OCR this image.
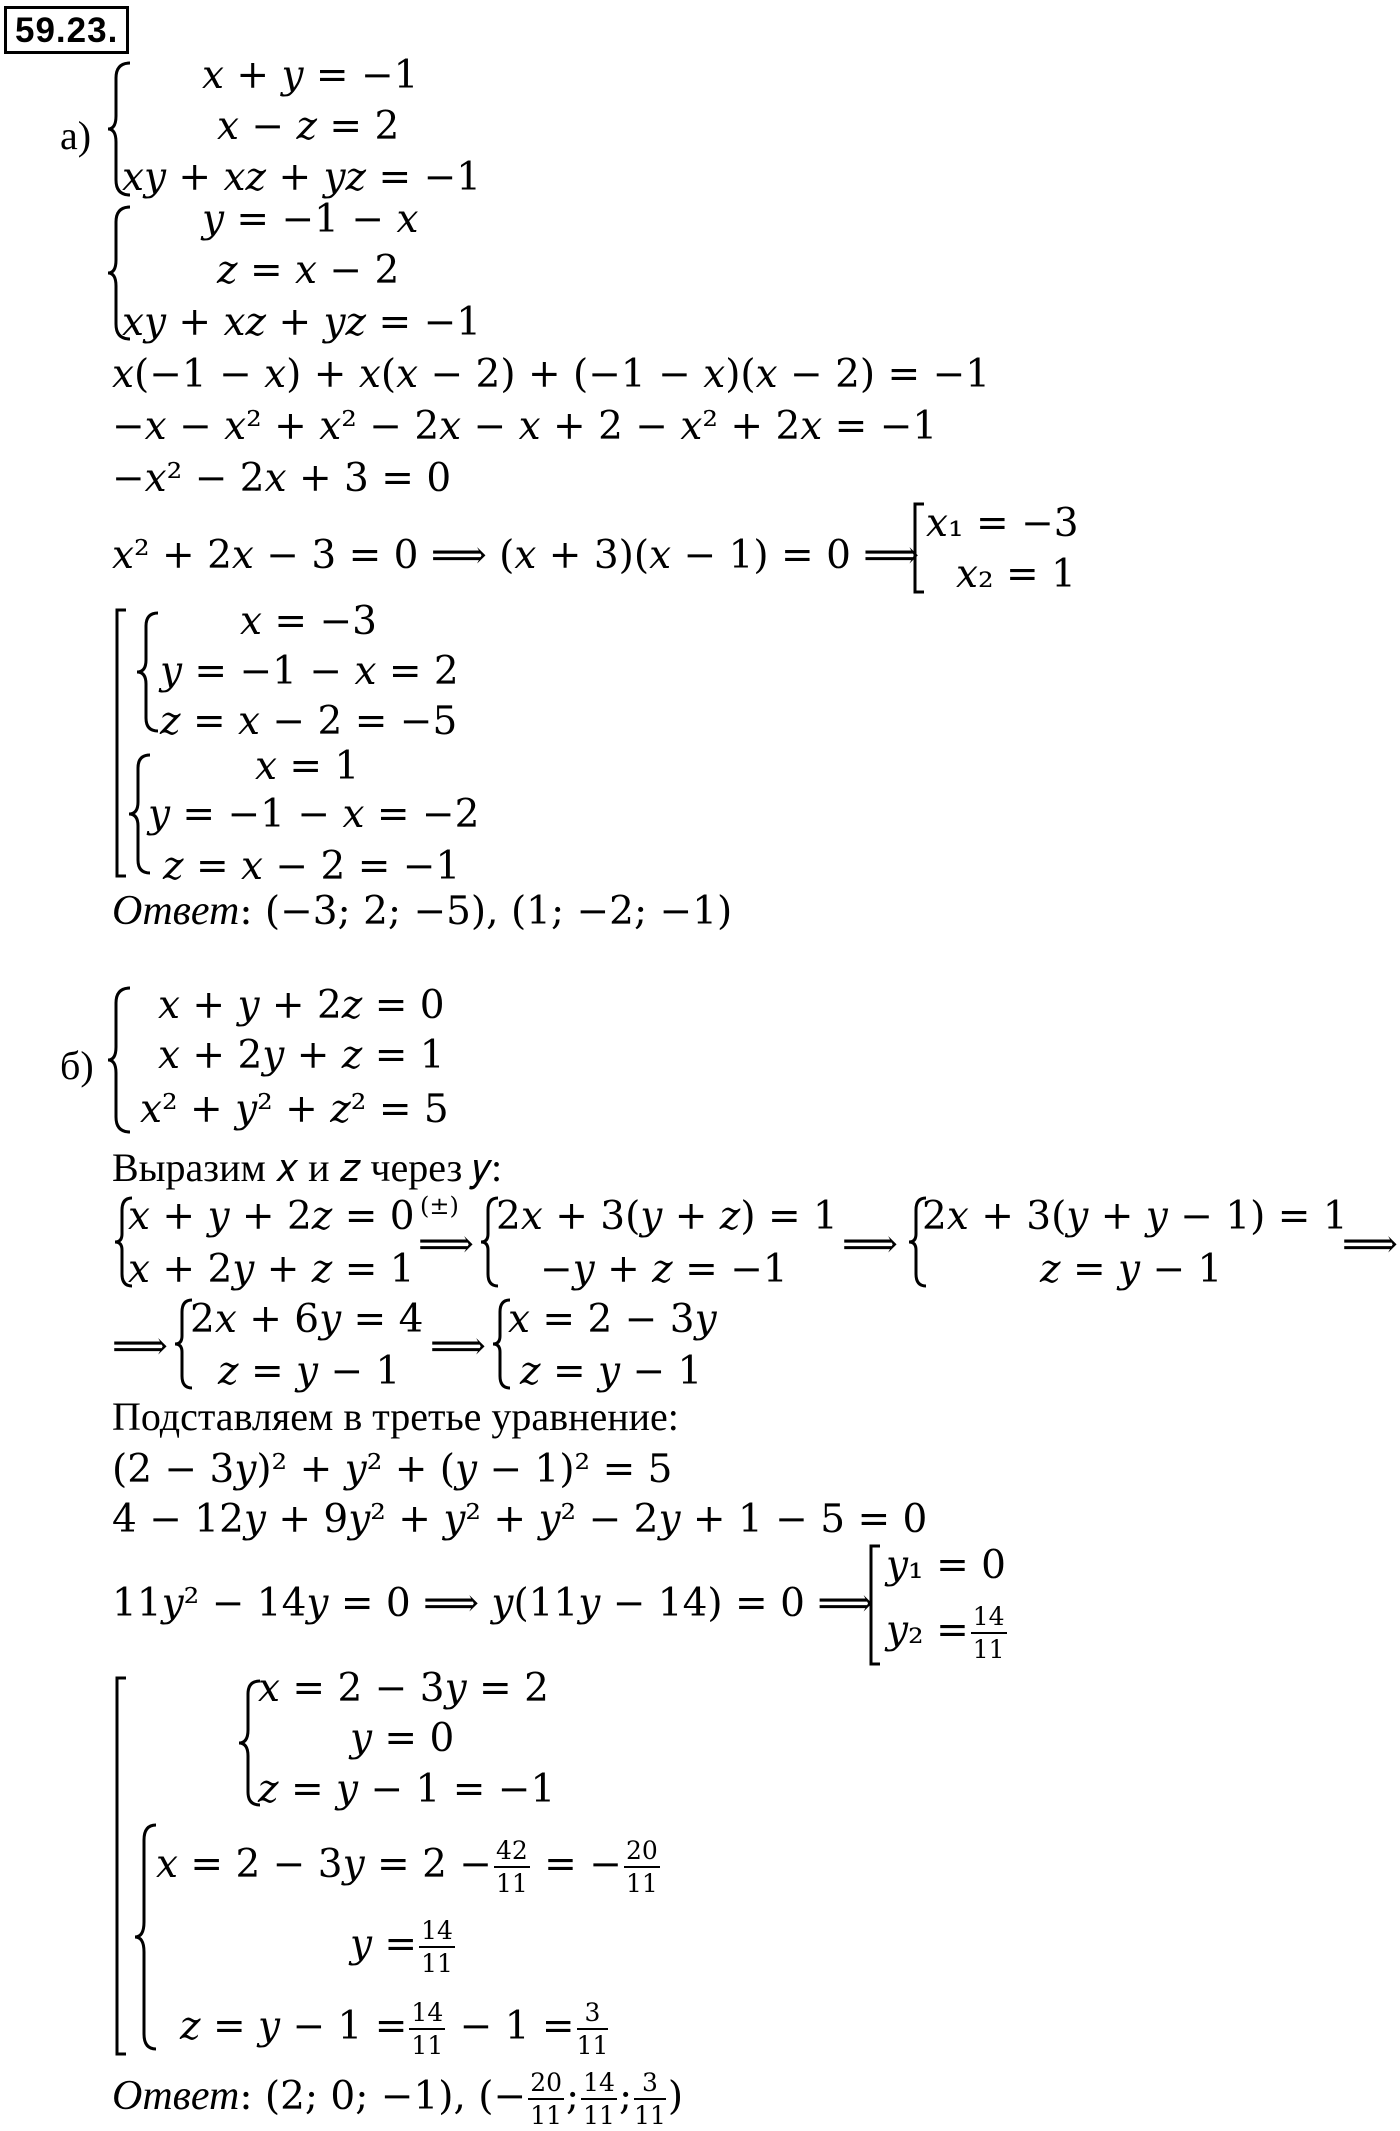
59.23.
а)
𝑥 + 𝑦 = −1
𝑥 − 𝑧 = 2
𝑥𝑦 + 𝑥𝑧 + 𝑦𝑧 = −1
𝑦 = −1 − 𝑥
𝑧 = 𝑥 − 2
𝑥𝑦 + 𝑥𝑧 + 𝑦𝑧 = −1
𝑥(−1 − 𝑥) + 𝑥(𝑥 − 2) + (−1 − 𝑥)(𝑥 − 2) = −1
−𝑥 − 𝑥² + 𝑥² − 2𝑥 − 𝑥 + 2 − 𝑥² + 2𝑥 = −1
−𝑥² − 2𝑥 + 3 = 0
𝑥² + 2𝑥 − 3 = 0 ⟹ (𝑥 + 3)(𝑥 − 1) = 0 ⟹
𝑥₁ = −3
𝑥₂ = 1
𝑥 = −3
𝑦 = −1 − 𝑥 = 2
𝑧 = 𝑥 − 2 = −5
𝑥 = 1
𝑦 = −1 − 𝑥 = −2
𝑧 = 𝑥 − 2 = −1
Ответ: (−3; 2; −5), (1; −2; −1)
б)
𝑥 + 𝑦 + 2𝑧 = 0
𝑥 + 2𝑦 + 𝑧 = 1
𝑥² + 𝑦² + 𝑧² = 5
Выразим 𝑥 и 𝑧 через 𝑦:
𝑥 + 𝑦 + 2𝑧 = 0
𝑥 + 2𝑦 + 𝑧 = 1
(±)
⟹
2𝑥 + 3(𝑦 + 𝑧) = 1
−𝑦 + 𝑧 = −1
⟹
2𝑥 + 3(𝑦 + 𝑦 − 1) = 1
𝑧 = 𝑦 − 1
⟹
⟹
2𝑥 + 6𝑦 = 4
𝑧 = 𝑦 − 1
⟹
𝑥 = 2 − 3𝑦
𝑧 = 𝑦 − 1
Подставляем в третье уравнение:
(2 − 3𝑦)² + 𝑦² + (𝑦 − 1)² = 5
4 − 12𝑦 + 9𝑦² + 𝑦² + 𝑦² − 2𝑦 + 1 − 5 = 0
11𝑦² − 14𝑦 = 0 ⟹ 𝑦(11𝑦 − 14) = 0 ⟹
𝑦₁ = 0
𝑦₂ = $\frac{14}{11}$
𝑥 = 2 − 3𝑦 = 2
𝑦 = 0
𝑧 = 𝑦 − 1 = −1
𝑥 = 2 − 3𝑦 = $2 - \frac{42}{11}$ = − $\frac{20}{11}$
𝑦 = $\frac{14}{11}$
𝑧 = 𝑦 − $1 = \frac{14}{11} - 1 = \frac{3}{11}$
Ответ: (2; 0; −1), (− $\frac{20}{11}$ ; $\frac{14}{11}$ ; $\frac{3}{11}$ )
